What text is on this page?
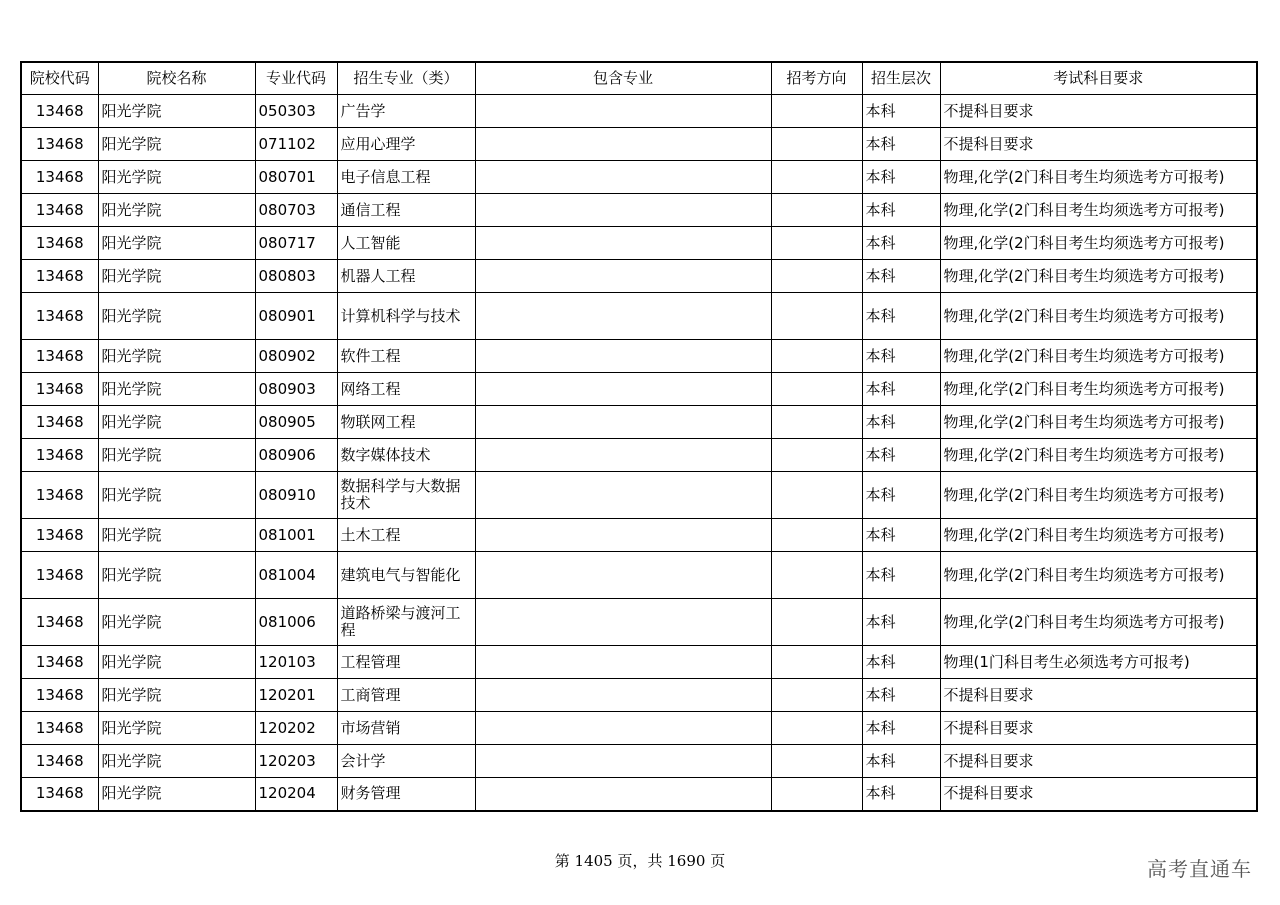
院校代码	院校名称	专业代码	招生专业（类）	包含专业	招考方向	招生层次	考试科目要求
13468	阳光学院	050303	广告学			本科	不提科目要求
13468	阳光学院	071102	应用心理学			本科	不提科目要求
13468	阳光学院	080701	电子信息工程			本科	物理,化学(2门科目考生均须选考方可报考)
13468	阳光学院	080703	通信工程			本科	物理,化学(2门科目考生均须选考方可报考)
13468	阳光学院	080717	人工智能			本科	物理,化学(2门科目考生均须选考方可报考)
13468	阳光学院	080803	机器人工程			本科	物理,化学(2门科目考生均须选考方可报考)
13468	阳光学院	080901	计算机科学与技术			本科	物理,化学(2门科目考生均须选考方可报考)
13468	阳光学院	080902	软件工程			本科	物理,化学(2门科目考生均须选考方可报考)
13468	阳光学院	080903	网络工程			本科	物理,化学(2门科目考生均须选考方可报考)
13468	阳光学院	080905	物联网工程			本科	物理,化学(2门科目考生均须选考方可报考)
13468	阳光学院	080906	数字媒体技术			本科	物理,化学(2门科目考生均须选考方可报考)
13468	阳光学院	080910	数据科学与大数据技术			本科	物理,化学(2门科目考生均须选考方可报考)
13468	阳光学院	081001	土木工程			本科	物理,化学(2门科目考生均须选考方可报考)
13468	阳光学院	081004	建筑电气与智能化			本科	物理,化学(2门科目考生均须选考方可报考)
13468	阳光学院	081006	道路桥梁与渡河工程			本科	物理,化学(2门科目考生均须选考方可报考)
13468	阳光学院	120103	工程管理			本科	物理(1门科目考生必须选考方可报考)
13468	阳光学院	120201	工商管理			本科	不提科目要求
13468	阳光学院	120202	市场营销			本科	不提科目要求
13468	阳光学院	120203	会计学			本科	不提科目要求
13468	阳光学院	120204	财务管理			本科	不提科目要求
第 1405 页，共 1690 页	高考直通车
